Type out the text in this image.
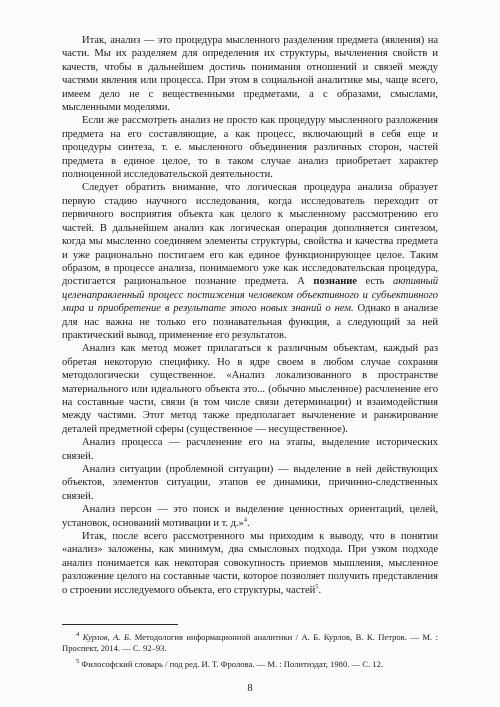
Итак, анализ — это процедура мысленного разделения предмета (явления) на части. Мы их разделяем для определения их структуры, вычленения свойств и качеств, чтобы в дальнейшем достичь понимания отношений и связей между частями явления или процесса. При этом в социальной аналитике мы, чаще всего, имеем дело не с вещественными предметами, а с образами, смыслами, мысленными моделями.

Если же рассмотреть анализ не просто как процедуру мысленного разложения предмета на его составляющие, а как процесс, включающий в себя еще и процедуры синтеза, т. е. мысленного объединения различных сторон, частей предмета в единое целое, то в таком случае анализ приобретает характер полноценной исследовательской деятельности.

Следует обратить внимание, что логическая процедура анализа образует первую стадию научного исследования, когда исследователь переходит от первичного восприятия объекта как целого к мысленному рассмотрению его частей. В дальнейшем анализ как логическая операция дополняется синтезом, когда мы мысленно соединяем элементы структуры, свойства и качества предмета и уже рационально постигаем его как единое функционирующее целое. Таким образом, в процессе анализа, понимаемого уже как исследовательская процедура, достигается рациональное познание предмета. А познание есть активный целенаправленный процесс постижения человеком объективного и субъективного мира и приобретение в результате этого новых знаний о нем. Однако в анализе для нас важна не только его познавательная функция, а следующий за ней практический вывод, применение его результатов.

Анализ как метод может прилагаться к различным объектам, каждый раз обретая некоторую специфику. Но в ядре своем в любом случае сохраняя методологически существенное. «Анализ локализованного в пространстве материального или идеального объекта это... (обычно мысленное) расчленение его на составные части, связи (в том числе связи детерминации) и взаимодействия между частями. Этот метод также предполагает вычленение и ранжирование деталей предметной сферы (существенное — несущественное).

Анализ процесса — расчленение его на этапы, выделение исторических связей.

Анализ ситуации (проблемной ситуации) — выделение в ней действующих объектов, элементов ситуации, этапов ее динамики, причинно-следственных связей.

Анализ персон — это поиск и выделение ценностных ориентаций, целей, установок, оснований мотивации и т. д.»$^4$.

Итак, после всего рассмотренного мы приходим к выводу, что в понятии «анализ» заложены, как минимум, два смысловых подхода. При узком подходе анализ понимается как некоторая совокупность приемов мышления, мысленное разложение целого на составные части, которое позволяет получить представления о строении исследуемого объекта, его структуры, частей$^5$.

$^4$ Курлов, А. Б. Методология информационной аналитики / А. Б. Курлов, В. К. Петров. — М. : Проспект, 2014. — С. 92–93.
$^5$ Философский словарь / под ред. И. Т. Фролова. — М. : Политиздат, 1980. — С. 12.
8
